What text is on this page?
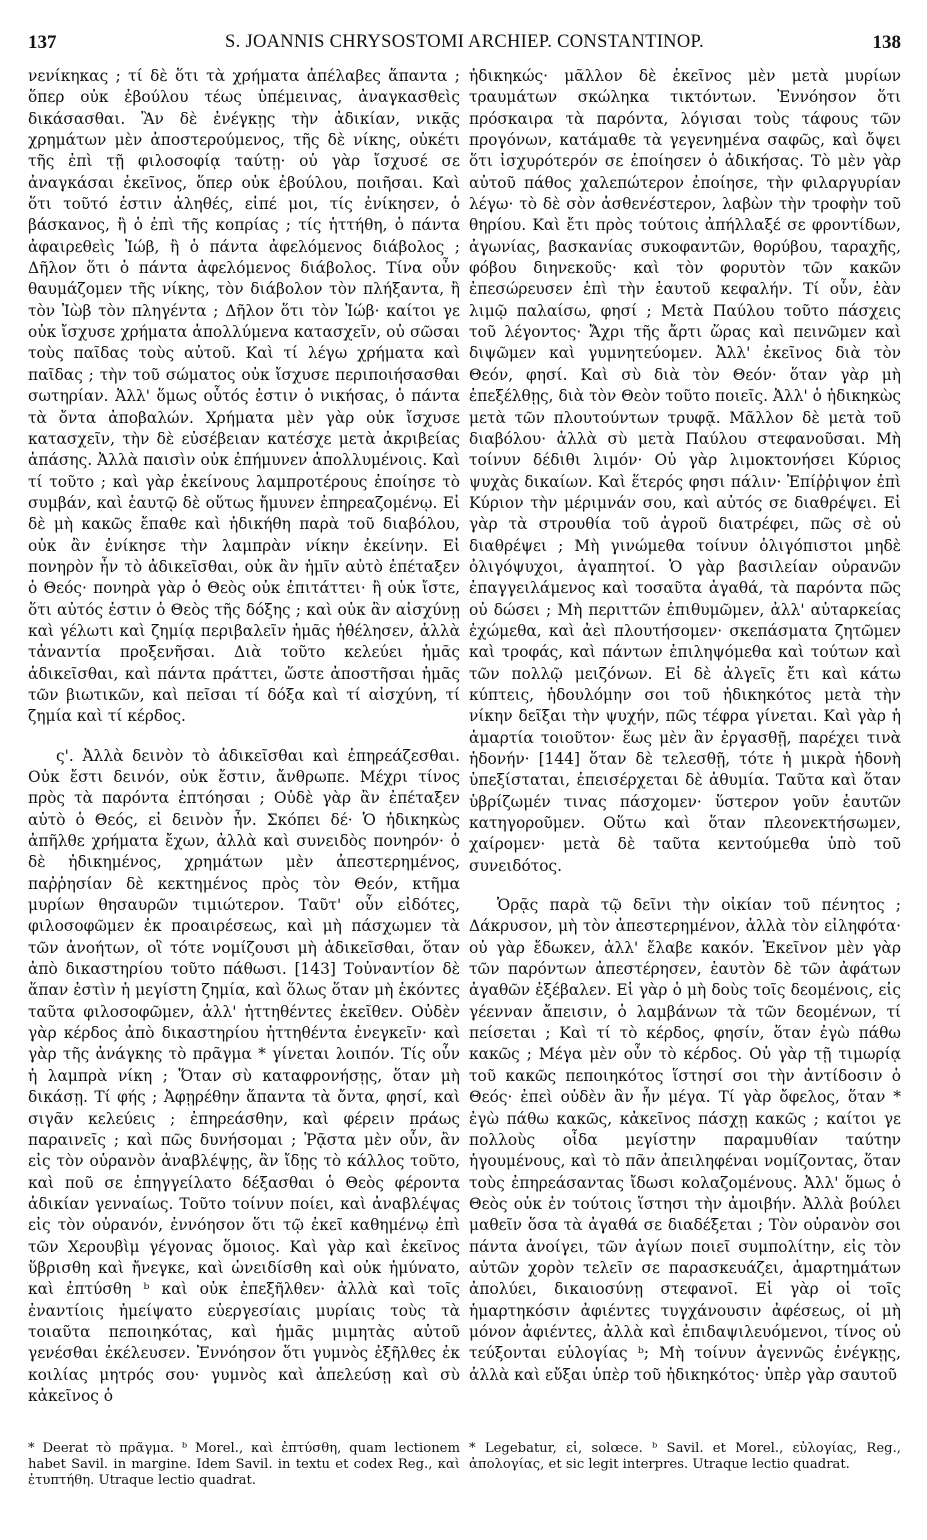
137	S. JOANNIS CHRYSOSTOMI ARCHIEP. CONSTANTINOP.	138

νενίκηκας ; τί δὲ ὅτι τὰ χρήματα ἀπέλαβες ἅπαντα ; ὅπερ οὐκ ἐβούλου τέως ὑπέμεινας, ἀναγκασθεὶς δικάσασθαι. Ἂν δὲ ἐνέγκῃς τὴν ἀδικίαν, νικᾷς χρημάτων μὲν ἀποστερούμενος, τῆς δὲ νίκης, οὐκέτι τῆς ἐπὶ τῇ φιλοσοφίᾳ ταύτῃ· οὐ γὰρ ἴσχυσέ σε ἀναγκάσαι ἐκεῖνος, ὅπερ οὐκ ἐβούλου, ποιῆσαι. Καὶ ὅτι τοῦτό ἐστιν ἀληθές, εἰπέ μοι, τίς ἐνίκησεν, ὁ βάσκανος, ἢ ὁ ἐπὶ τῆς κοπρίας ; τίς ἡττήθη, ὁ πάντα ἀφαιρεθεὶς Ἰώβ, ἢ ὁ πάντα ἀφελόμενος διάβολος ; Δῆλον ὅτι ὁ πάντα ἀφελόμενος διάβολος. Τίνα οὖν θαυμάζομεν τῆς νίκης, τὸν διάβολον τὸν πλήξαντα, ἢ τὸν Ἰὼβ τὸν πληγέντα ; Δῆλον ὅτι τὸν Ἰώβ· καίτοι γε οὐκ ἴσχυσε χρήματα ἀπολλύμενα κατασχεῖν, οὐ σῶσαι τοὺς παῖδας τοὺς αὐτοῦ. Καὶ τί λέγω χρήματα καὶ παῖδας ; τὴν τοῦ σώματος οὐκ ἴσχυσε περιποιήσασθαι σωτηρίαν. Ἀλλ' ὅμως οὗτός ἐστιν ὁ νικήσας, ὁ πάντα τὰ ὄντα ἀποβαλών. Χρήματα μὲν γὰρ οὐκ ἴσχυσε κατασχεῖν, τὴν δὲ εὐσέβειαν κατέσχε μετὰ ἀκριβείας ἁπάσης. Ἀλλὰ παισὶν οὐκ ἐπήμυνεν ἀπολλυμένοις. Καὶ τί τοῦτο ; καὶ γὰρ ἐκείνους λαμπροτέρους ἐποίησε τὸ συμβάν, καὶ ἑαυτῷ δὲ οὕτως ἤμυνεν ἐπηρεαζομένῳ. Εἰ δὲ μὴ κακῶς ἔπαθε καὶ ἠδικήθη παρὰ τοῦ διαβόλου, οὐκ ἂν ἐνίκησε τὴν λαμπρὰν νίκην ἐκείνην. Εἰ πονηρὸν ἦν τὸ ἀδικεῖσθαι, οὐκ ἂν ἡμῖν αὐτὸ ἐπέταξεν ὁ Θεός· πονηρὰ γὰρ ὁ Θεὸς οὐκ ἐπιτάττει· ἢ οὐκ ἴστε, ὅτι αὐτός ἐστιν ὁ Θεὸς τῆς δόξης ; καὶ οὐκ ἂν αἰσχύνῃ καὶ γέλωτι καὶ ζημίᾳ περιβαλεῖν ἡμᾶς ἠθέλησεν, ἀλλὰ τἀναντία προξενῆσαι. Διὰ τοῦτο κελεύει ἡμᾶς ἀδικεῖσθαι, καὶ πάντα πράττει, ὥστε ἀποστῆσαι ἡμᾶς τῶν βιωτικῶν, καὶ πεῖσαι τί δόξα καὶ τί αἰσχύνη, τί ζημία καὶ τί κέρδος.

ς'. Ἀλλὰ δεινὸν τὸ ἀδικεῖσθαι καὶ ἐπηρεάζεσθαι. Οὐκ ἔστι δεινόν, οὐκ ἔστιν, ἄνθρωπε. Μέχρι τίνος πρὸς τὰ παρόντα ἐπτόησαι ; Οὐδὲ γὰρ ἂν ἐπέταξεν αὐτὸ ὁ Θεός, εἰ δεινὸν ἦν. Σκόπει δέ· Ὁ ἠδικηκὼς ἀπῆλθε χρήματα ἔχων, ἀλλὰ καὶ συνειδὸς πονηρόν· ὁ δὲ ἠδικημένος, χρημάτων μὲν ἀπεστερημένος, παῤῥησίαν δὲ κεκτημένος πρὸς τὸν Θεόν, κτῆμα μυρίων θησαυρῶν τιμιώτερον. Ταῦτ' οὖν εἰδότες, φιλοσοφῶμεν ἐκ προαιρέσεως, καὶ μὴ πάσχωμεν τὰ τῶν ἀνοήτων, οἳ τότε νομίζουσι μὴ ἀδικεῖσθαι, ὅταν ἀπὸ δικαστηρίου τοῦτο πάθωσι. [143] Τοὐναντίον δὲ ἅπαν ἐστὶν ἡ μεγίστη ζημία, καὶ ὅλως ὅταν μὴ ἑκόντες ταῦτα φιλοσοφῶμεν, ἀλλ' ἡττηθέντες ἐκεῖθεν. Οὐδὲν γὰρ κέρδος ἀπὸ δικαστηρίου ἡττηθέντα ἐνεγκεῖν· καὶ γὰρ τῆς ἀνάγκης τὸ πρᾶγμα * γίνεται λοιπόν. Τίς οὖν ἡ λαμπρὰ νίκη ; Ὅταν σὺ καταφρονήσῃς, ὅταν μὴ δικάσῃ. Τί φής ; Ἀφῃρέθην ἅπαντα τὰ ὄντα, φησί, καὶ σιγᾶν κελεύεις ; ἐπηρεάσθην, καὶ φέρειν πράως παραινεῖς ; καὶ πῶς δυνήσομαι ; Ῥᾷστα μὲν οὖν, ἂν εἰς τὸν οὐρανὸν ἀναβλέψῃς, ἂν ἴδῃς τὸ κάλλος τοῦτο, καὶ ποῦ σε ἐπηγγείλατο δέξασθαι ὁ Θεὸς φέροντα ἀδικίαν γενναίως. Τοῦτο τοίνυν ποίει, καὶ ἀναβλέψας εἰς τὸν οὐρανόν, ἐννόησον ὅτι τῷ ἐκεῖ καθημένῳ ἐπὶ τῶν Χερουβὶμ γέγονας ὅμοιος. Καὶ γὰρ καὶ ἐκεῖνος ὕβρισθη καὶ ἤνεγκε, καὶ ὠνειδίσθη καὶ οὐκ ἠμύνατο, καὶ ἐπτύσθη ᵇ καὶ οὐκ ἐπεξῆλθεν· ἀλλὰ καὶ τοῖς ἐναντίοις ἠμείψατο εὐεργεσίαις μυρίαις τοὺς τὰ τοιαῦτα πεποιηκότας, καὶ ἡμᾶς μιμητὰς αὐτοῦ γενέσθαι ἐκέλευσεν. Ἐννόησον ὅτι γυμνὸς ἐξῆλθες ἐκ κοιλίας μητρός σου· γυμνὸς καὶ ἀπελεύσῃ καὶ σὺ κἀκεῖνος ὁ

ἠδικηκώς· μᾶλλον δὲ ἐκεῖνος μὲν μετὰ μυρίων τραυμάτων σκώληκα τικτόντων. Ἐννόησον ὅτι πρόσκαιρα τὰ παρόντα, λόγισαι τοὺς τάφους τῶν προγόνων, κατάμαθε τὰ γεγενημένα σαφῶς, καὶ ὄψει ὅτι ἰσχυρότερόν σε ἐποίησεν ὁ ἀδικήσας. Τὸ μὲν γὰρ αὐτοῦ πάθος χαλεπώτερον ἐποίησε, τὴν φιλαργυρίαν λέγω· τὸ δὲ σὸν ἀσθενέστερον, λαβὼν τὴν τροφὴν τοῦ θηρίου. Καὶ ἔτι πρὸς τούτοις ἀπήλλαξέ σε φροντίδων, ἀγωνίας, βασκανίας συκοφαντῶν, θορύβου, ταραχῆς, φόβου διηνεκοῦς· καὶ τὸν φορυτὸν τῶν κακῶν ἐπεσώρευσεν ἐπὶ τὴν ἑαυτοῦ κεφαλήν. Τί οὖν, ἐὰν λιμῷ παλαίσω, φησί ; Μετὰ Παύλου τοῦτο πάσχεις τοῦ λέγοντος· Ἄχρι τῆς ἄρτι ὥρας καὶ πεινῶμεν καὶ διψῶμεν καὶ γυμνητεύομεν. Ἀλλ' ἐκεῖνος διὰ τὸν Θεόν, φησί. Καὶ σὺ διὰ τὸν Θεόν· ὅταν γὰρ μὴ ἐπεξέλθῃς, διὰ τὸν Θεὸν τοῦτο ποιεῖς. Ἀλλ' ὁ ἠδικηκὼς μετὰ τῶν πλουτούντων τρυφᾷ. Μᾶλλον δὲ μετὰ τοῦ διαβόλου· ἀλλὰ σὺ μετὰ Παύλου στεφανοῦσαι. Μὴ τοίνυν δέδιθι λιμόν· Οὐ γὰρ λιμοκτονήσει Κύριος ψυχὰς δικαίων. Καὶ ἕτερός φησι πάλιν· Ἐπίῤῥιψον ἐπὶ Κύριον τὴν μέριμνάν σου, καὶ αὐτός σε διαθρέψει. Εἰ γὰρ τὰ στρουθία τοῦ ἀγροῦ διατρέφει, πῶς σὲ οὐ διαθρέψει ; Μὴ γινώμεθα τοίνυν ὀλιγόπιστοι μηδὲ ὀλιγόψυχοι, ἀγαπητοί. Ὁ γὰρ βασιλείαν οὐρανῶν ἐπαγγειλάμενος καὶ τοσαῦτα ἀγαθά, τὰ παρόντα πῶς οὐ δώσει ; Μὴ περιττῶν ἐπιθυμῶμεν, ἀλλ' αὐταρκείας ἐχώμεθα, καὶ ἀεὶ πλουτήσομεν· σκεπάσματα ζητῶμεν καὶ τροφάς, καὶ πάντων ἐπιληψόμεθα καὶ τούτων καὶ τῶν πολλῷ μειζόνων. Εἰ δὲ ἀλγεῖς ἔτι καὶ κάτω κύπτεις, ἡδουλόμην σοι τοῦ ἠδικηκότος μετὰ τὴν νίκην δεῖξαι τὴν ψυχήν, πῶς τέφρα γίνεται. Καὶ γὰρ ἡ ἁμαρτία τοιοῦτον· ἕως μὲν ἂν ἐργασθῇ, παρέχει τινὰ ἡδονήν· [144] ὅταν δὲ τελεσθῇ, τότε ἡ μικρὰ ἡδονὴ ὑπεξίσταται, ἐπεισέρχεται δὲ ἀθυμία. Ταῦτα καὶ ὅταν ὑβρίζωμέν τινας πάσχομεν· ὕστερον γοῦν ἑαυτῶν κατηγοροῦμεν. Οὕτω καὶ ὅταν πλεονεκτήσωμεν, χαίρομεν· μετὰ δὲ ταῦτα κεντούμεθα ὑπὸ τοῦ συνειδότος.

Ὁρᾷς παρὰ τῷ δεῖνι τὴν οἰκίαν τοῦ πένητος ; Δάκρυσον, μὴ τὸν ἀπεστερημένον, ἀλλὰ τὸν εἰληφότα· οὐ γὰρ ἔδωκεν, ἀλλ' ἔλαβε κακόν. Ἐκεῖνον μὲν γὰρ τῶν παρόντων ἀπεστέρησεν, ἑαυτὸν δὲ τῶν ἀφάτων ἀγαθῶν ἐξέβαλεν. Εἰ γὰρ ὁ μὴ δοὺς τοῖς δεομένοις, εἰς γέενναν ἄπεισιν, ὁ λαμβάνων τὰ τῶν δεομένων, τί πείσεται ; Καὶ τί τὸ κέρδος, φησίν, ὅταν ἐγὼ πάθω κακῶς ; Μέγα μὲν οὖν τὸ κέρδος. Οὐ γὰρ τῇ τιμωρίᾳ τοῦ κακῶς πεποιηκότος ἵστησί σοι τὴν ἀντίδοσιν ὁ Θεός· ἐπεὶ οὐδὲν ἂν ἦν μέγα. Τί γὰρ ὄφελος, ὅταν * ἐγὼ πάθω κακῶς, κἀκεῖνος πάσχῃ κακῶς ; καίτοι γε πολλοὺς οἶδα μεγίστην παραμυθίαν ταύτην ἡγουμένους, καὶ τὸ πᾶν ἀπειληφέναι νομίζοντας, ὅταν τοὺς ἐπηρεάσαντας ἴδωσι κολαζομένους. Ἀλλ' ὅμως ὁ Θεὸς οὐκ ἐν τούτοις ἵστησι τὴν ἀμοιβήν. Ἀλλὰ βούλει μαθεῖν ὅσα τὰ ἀγαθά σε διαδέξεται ; Τὸν οὐρανὸν σοι πάντα ἀνοίγει, τῶν ἁγίων ποιεῖ συμπολίτην, εἰς τὸν αὐτῶν χορὸν τελεῖν σε παρασκευάζει, ἁμαρτημάτων ἀπολύει, δικαιοσύνῃ στεφανοῖ. Εἰ γὰρ οἱ τοῖς ἡμαρτηκόσιν ἀφιέντες τυγχάνουσιν ἀφέσεως, οἱ μὴ μόνον ἀφιέντες, ἀλλὰ καὶ ἐπιδαψιλευόμενοι, τίνος οὐ τεύξονται εὐλογίας ᵇ; Μὴ τοίνυν ἀγεννῶς ἐνέγκῃς, ἀλλὰ καὶ εὔξαι ὑπὲρ τοῦ ἠδικηκότος· ὑπὲρ γὰρ σαυτοῦ

* Deerat τὸ πρᾶγμα. ᵇ Morel., καὶ ἐπτύσθη, quam lectionem habet Savil. in margine. Idem Savil. in textu et codex Reg., καὶ ἐτυπτήθη. Utraque lectio quadrat.
* Legebatur, εἰ, solœce. ᵇ Savil. et Morel., εὐλογίας, Reg., ἀπολογίας, et sic legit interpres. Utraque lectio quadrat.
